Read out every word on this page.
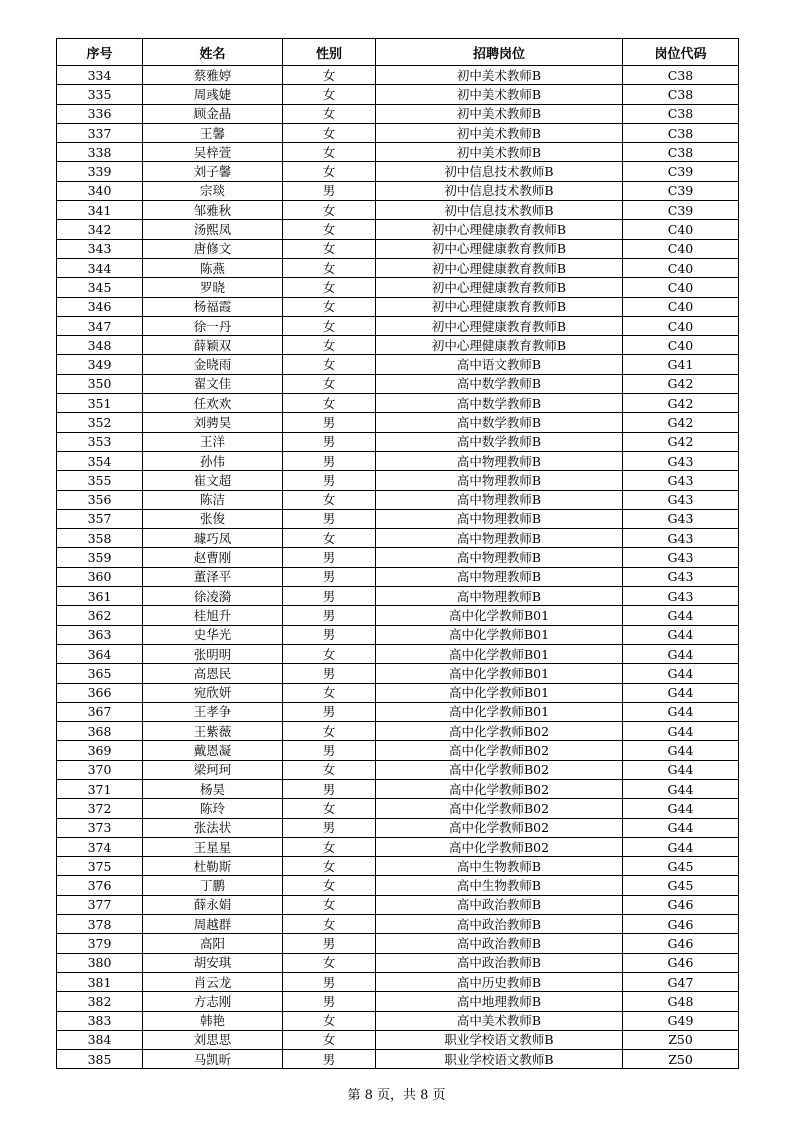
序号	姓名	性别	招聘岗位	岗位代码
334	蔡雅婷	女	初中美术教师B	C38
335	周彧婕	女	初中美术教师B	C38
336	顾金晶	女	初中美术教师B	C38
337	王馨	女	初中美术教师B	C38
338	吴梓萱	女	初中美术教师B	C38
339	刘子馨	女	初中信息技术教师B	C39
340	宗琰	男	初中信息技术教师B	C39
341	邹雅秋	女	初中信息技术教师B	C39
342	汤熙凤	女	初中心理健康教育教师B	C40
343	唐修文	女	初中心理健康教育教师B	C40
344	陈燕	女	初中心理健康教育教师B	C40
345	罗晓	女	初中心理健康教育教师B	C40
346	杨福霞	女	初中心理健康教育教师B	C40
347	徐一丹	女	初中心理健康教育教师B	C40
348	薛颖双	女	初中心理健康教育教师B	C40
349	金晓雨	女	高中语文教师B	G41
350	翟文佳	女	高中数学教师B	G42
351	任欢欢	女	高中数学教师B	G42
352	刘骋昊	男	高中数学教师B	G42
353	王洋	男	高中数学教师B	G42
354	孙伟	男	高中物理教师B	G43
355	崔文超	男	高中物理教师B	G43
356	陈洁	女	高中物理教师B	G43
357	张俊	男	高中物理教师B	G43
358	璩巧凤	女	高中物理教师B	G43
359	赵曹刚	男	高中物理教师B	G43
360	董泽平	男	高中物理教师B	G43
361	徐凌漪	男	高中物理教师B	G43
362	桂旭升	男	高中化学教师B01	G44
363	史华光	男	高中化学教师B01	G44
364	张明明	女	高中化学教师B01	G44
365	高恩民	男	高中化学教师B01	G44
366	宛欣妍	女	高中化学教师B01	G44
367	王孝争	男	高中化学教师B01	G44
368	王紫薇	女	高中化学教师B02	G44
369	戴恩凝	男	高中化学教师B02	G44
370	梁珂珂	女	高中化学教师B02	G44
371	杨昊	男	高中化学教师B02	G44
372	陈玲	女	高中化学教师B02	G44
373	张法状	男	高中化学教师B02	G44
374	王星星	女	高中化学教师B02	G44
375	杜勒斯	女	高中生物教师B	G45
376	丁鹏	女	高中生物教师B	G45
377	薛永娟	女	高中政治教师B	G46
378	周越群	女	高中政治教师B	G46
379	高阳	男	高中政治教师B	G46
380	胡安琪	女	高中政治教师B	G46
381	肖云龙	男	高中历史教师B	G47
382	方志刚	男	高中地理教师B	G48
383	韩艳	女	高中美术教师B	G49
384	刘思思	女	职业学校语文教师B	Z50
385	马凯昕	男	职业学校语文教师B	Z50
第 8 页，共 8 页
